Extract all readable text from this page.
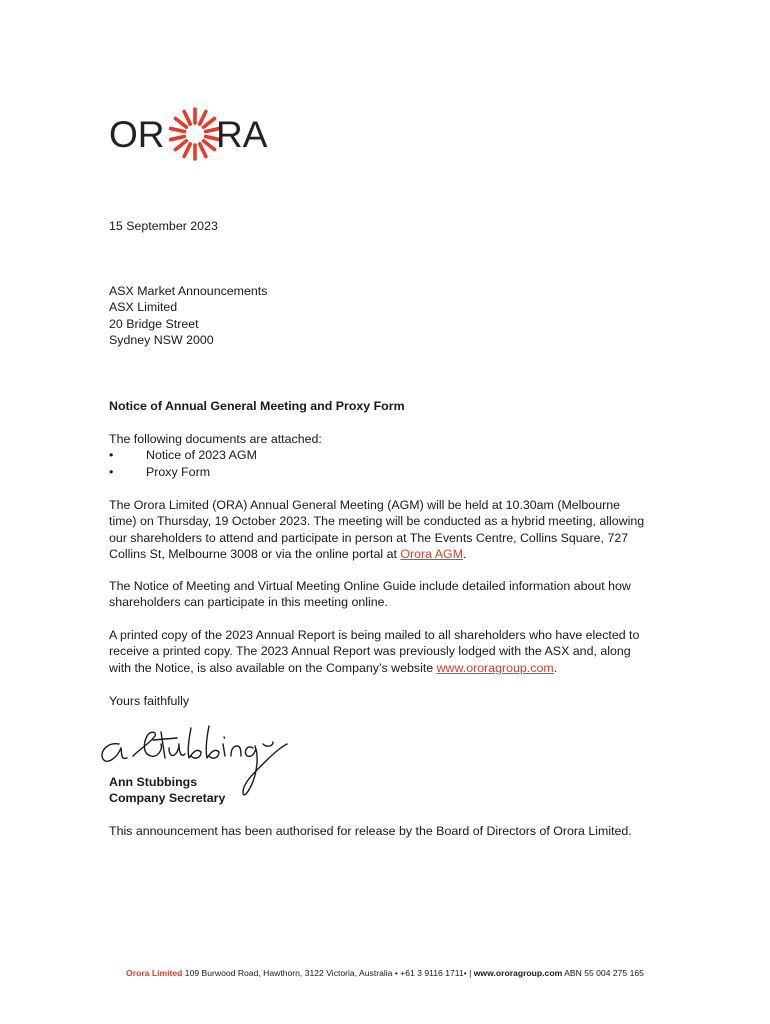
OR RA
15 September 2023
ASX Market Announcements
ASX Limited
20 Bridge Street
Sydney NSW 2000
Notice of Annual General Meeting and Proxy Form
The following documents are attached:
•	Notice of 2023 AGM
•	Proxy Form
The Orora Limited (ORA) Annual General Meeting (AGM) will be held at 10.30am (Melbourne
time) on Thursday, 19 October 2023. The meeting will be conducted as a hybrid meeting, allowing
our shareholders to attend and participate in person at The Events Centre, Collins Square, 727
Collins St, Melbourne 3008 or via the online portal at Orora AGM.
The Notice of Meeting and Virtual Meeting Online Guide include detailed information about how
shareholders can participate in this meeting online.
A printed copy of the 2023 Annual Report is being mailed to all shareholders who have elected to
receive a printed copy. The 2023 Annual Report was previously lodged with the ASX and, along
with the Notice, is also available on the Company’s website www.ororagroup.com.
Yours faithfully
Ann Stubbings
Company Secretary
This announcement has been authorised for release by the Board of Directors of Orora Limited.
Orora Limited 109 Burwood Road, Hawthorn, 3122 Victoria, Australia • +61 3 9116 1711• | www.ororagroup.com ABN 55 004 275 165
